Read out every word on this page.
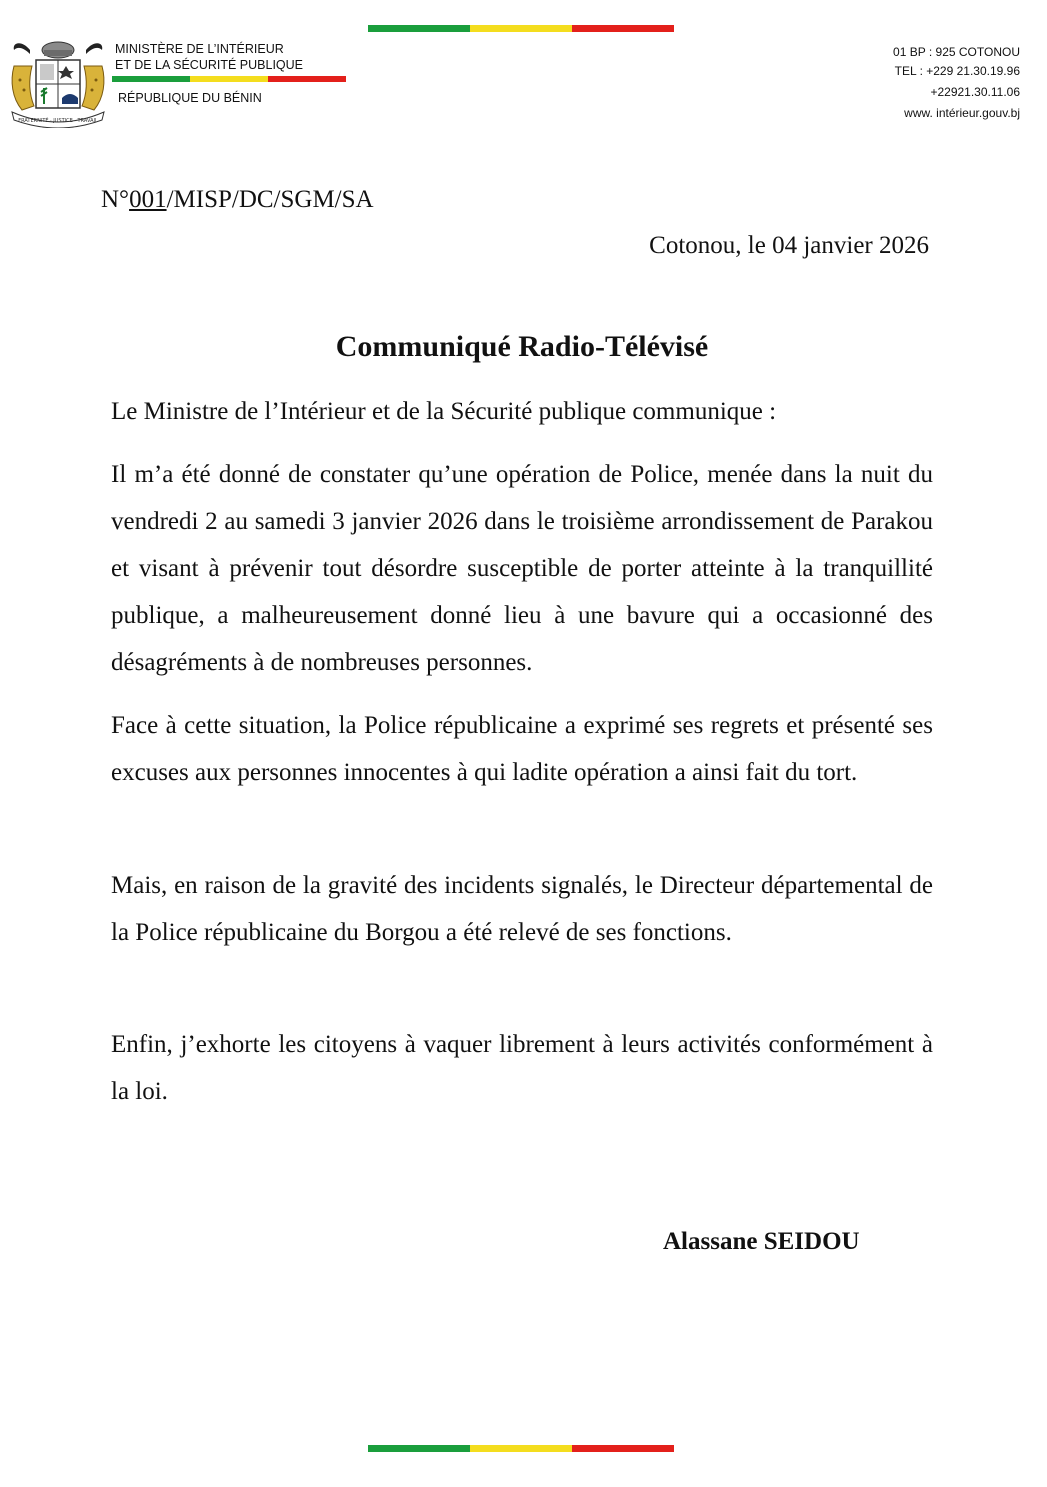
FRATERNITÉ · JUSTICE · TRAVAIL
MINISTÈRE DE L’INTÉRIEUR
ET DE LA SÉCURITÉ PUBLIQUE
RÉPUBLIQUE DU BÉNIN
01 BP : 925 COTONOU
TEL : +229 21.30.19.96
+22921.30.11.06
www. intérieur.gouv.bj
N°001/MISP/DC/SGM/SA
Cotonou, le 04 janvier 2026
Communiqué Radio-Télévisé
Le Ministre de l’Intérieur et de la Sécurité publique communique :
Il m’a été donné de constater qu’une opération de Police, menée dans la nuit du vendredi 2 au samedi 3 janvier 2026 dans le troisième arrondissement de Parakou et visant à prévenir tout désordre susceptible de porter atteinte à la tranquillité publique, a malheureusement donné lieu à une bavure qui a occasionné des désagréments à de nombreuses personnes.
Face à cette situation, la Police républicaine a exprimé ses regrets et présenté ses excuses aux personnes innocentes à qui ladite opération a ainsi fait du tort.
Mais, en raison de la gravité des incidents signalés, le Directeur départemental de la Police républicaine du Borgou a été relevé de ses fonctions.
Enfin, j’exhorte les citoyens à vaquer librement à leurs activités conformément à la loi.
Alassane SEIDOU
